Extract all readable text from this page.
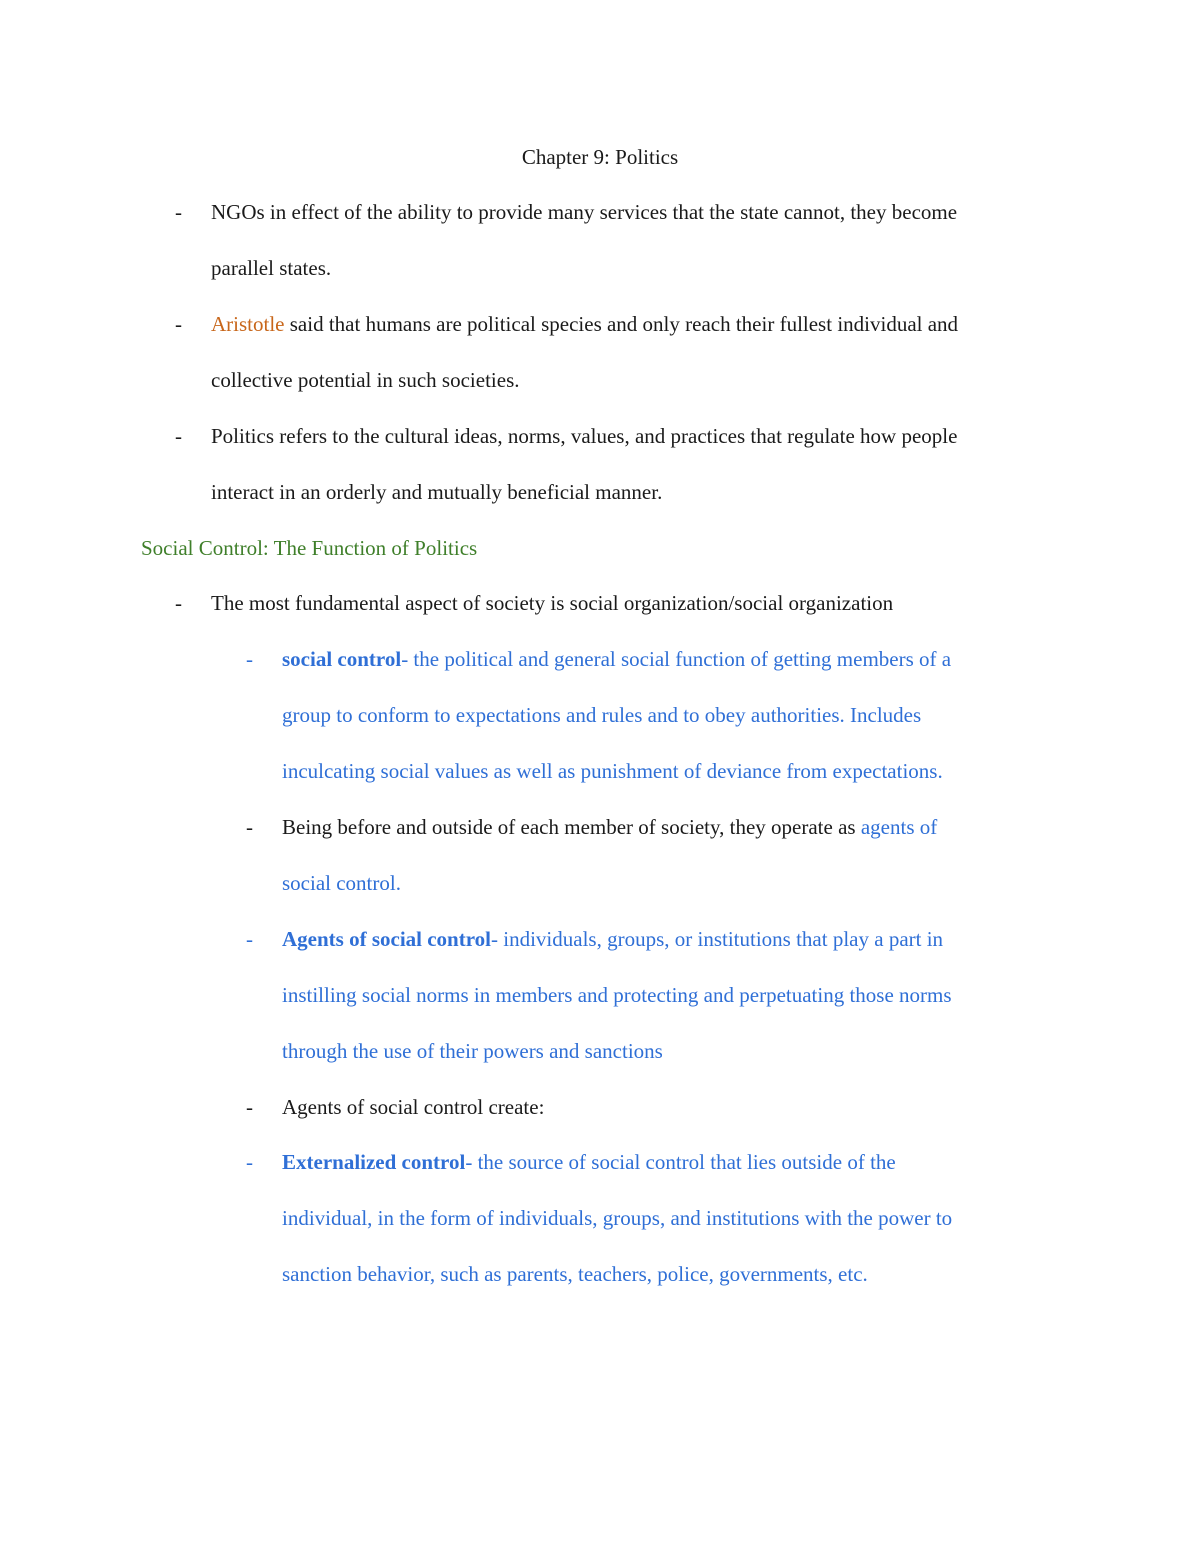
Chapter 9: Politics
- NGOs in effect of the ability to provide many services that the state cannot, they become
parallel states.
- Aristotle said that humans are political species and only reach their fullest individual and
collective potential in such societies.
- Politics refers to the cultural ideas, norms, values, and practices that regulate how people
interact in an orderly and mutually beneficial manner.
Social Control: The Function of Politics
- The most fundamental aspect of society is social organization/social organization
- social control- the political and general social function of getting members of a
group to conform to expectations and rules and to obey authorities. Includes
inculcating social values as well as punishment of deviance from expectations.
- Being before and outside of each member of society, they operate as agents of
social control.
- Agents of social control- individuals, groups, or institutions that play a part in
instilling social norms in members and protecting and perpetuating those norms
through the use of their powers and sanctions
- Agents of social control create:
- Externalized control- the source of social control that lies outside of the
individual, in the form of individuals, groups, and institutions with the power to
sanction behavior, such as parents, teachers, police, governments, etc.
